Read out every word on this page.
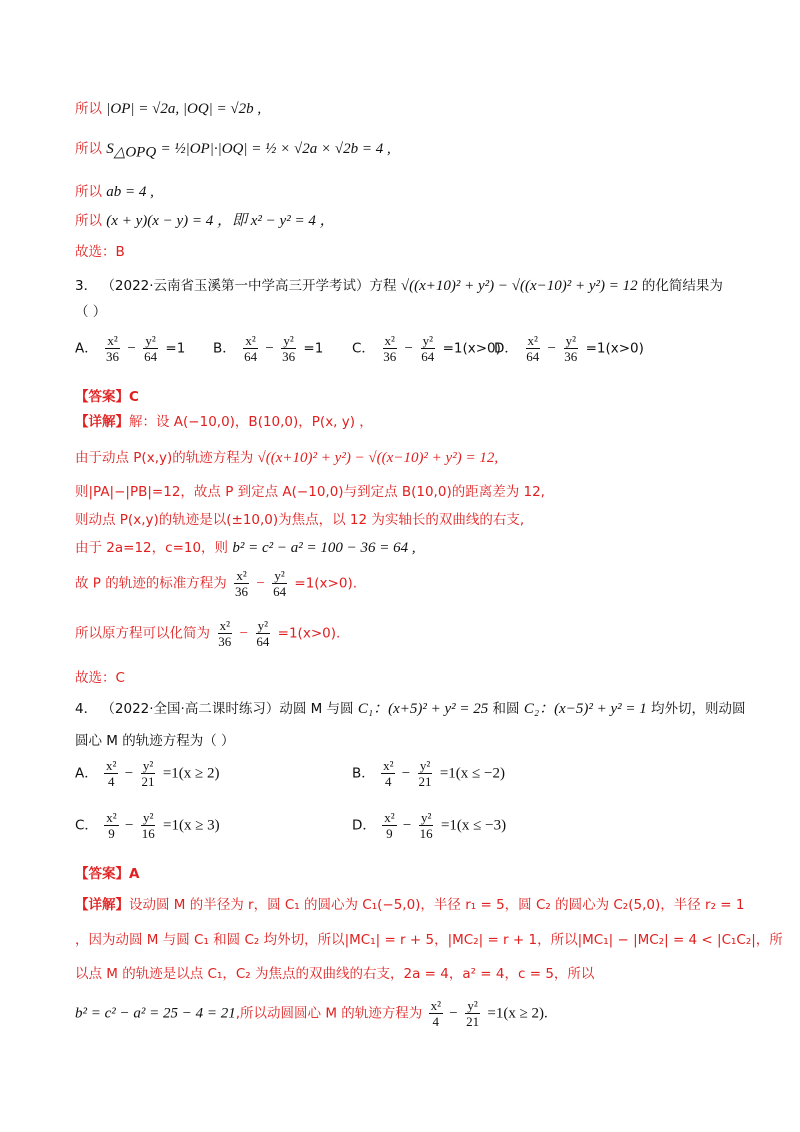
所以 |OP| = √2a, |OQ| = √2b ,
所以 $S_{\triangle OPQ}$ = ½|OP|·|OQ| = ½ × √2a × √2b = 4 ,
所以 ab = 4 ,
所以 (x + y)(x − y) = 4 ，即 x² − y² = 4 ，
故选：B
3． （2022·云南省玉溪第一中学高三开学考试）方程 √((x+10)² + y²) − √((x−10)² + y²) = 12 的化简结果为
（ ）
A． $\frac{\text{x²}}{36} - \frac{\text{y²}}{64} =1$ B． $\frac{\text{x²}}{64} - \frac{\text{y²}}{36} =1$ C． $\frac{\text{x²}}{36} - \frac{\text{y²}}{64} =1(x>0)$
D． $\frac{\text{x²}}{64} - \frac{\text{y²}}{36} =1(x>0)$
【答案】C
【详解】解：设 A(−10,0)，B(10,0)，P(x, y) ，
由于动点 P(x,y)的轨迹方程为 √((x+10)² + y²) − √((x−10)² + y²) = 12,
则|PA|−|PB|=12，故点 P 到定点 A(−10,0)与到定点 B(10,0)的距离差为 12,
则动点 P(x,y)的轨迹是以(±10,0)为焦点，以 12 为实轴长的双曲线的右支,
由于 2a=12，c=10，则 b² = c² − a² = 100 − 36 = 64 ,
故 P 的轨迹的标准方程为 $\frac{\text{x²}}{36} - \frac{\text{y²}}{64} =1(x>0)$.
所以原方程可以化简为 $\frac{\text{x²}}{36} - \frac{\text{y²}}{64} =1(x>0)$.
故选：C
4． （2022·全国·高二课时练习）动圆 M 与圆 C₁：(x+5)² + y² = 25 和圆 C₂：(x−5)² + y² = 1 均外切，则动圆
圆心 M 的轨迹方程为（ ）
A． $\frac{\text{x²}}{4} - \frac{\text{y²}}{21} =1(x \ge 2)$	B． $\frac{\text{x²}}{4} - \frac{\text{y²}}{21} =1(x \le -2)$
C． $\frac{\text{x²}}{9} - \frac{\text{y²}}{16} =1(x \ge 3)$	D． $\frac{\text{x²}}{9} - \frac{\text{y²}}{16} =1(x \le -3)$
【答案】A
【详解】设动圆 M 的半径为 r，圆 C₁ 的圆心为 C₁(−5,0)，半径 r₁ = 5，圆 C₂ 的圆心为 C₂(5,0)，半径 r₂ = 1
，因为动圆 M 与圆 C₁ 和圆 C₂ 均外切，所以|MC₁| = r + 5，|MC₂| = r + 1，所以|MC₁| − |MC₂| = 4 < |C₁C₂|，所
以点 M 的轨迹是以点 C₁，C₂ 为焦点的双曲线的右支，2a = 4，a² = 4，c = 5，所以
b² = c² − a² = 25 − 4 = 21,所以动圆圆心 M 的轨迹方程为 $\frac{\text{x²}}{4} - \frac{\text{y²}}{21} =1(x \ge 2)$.
